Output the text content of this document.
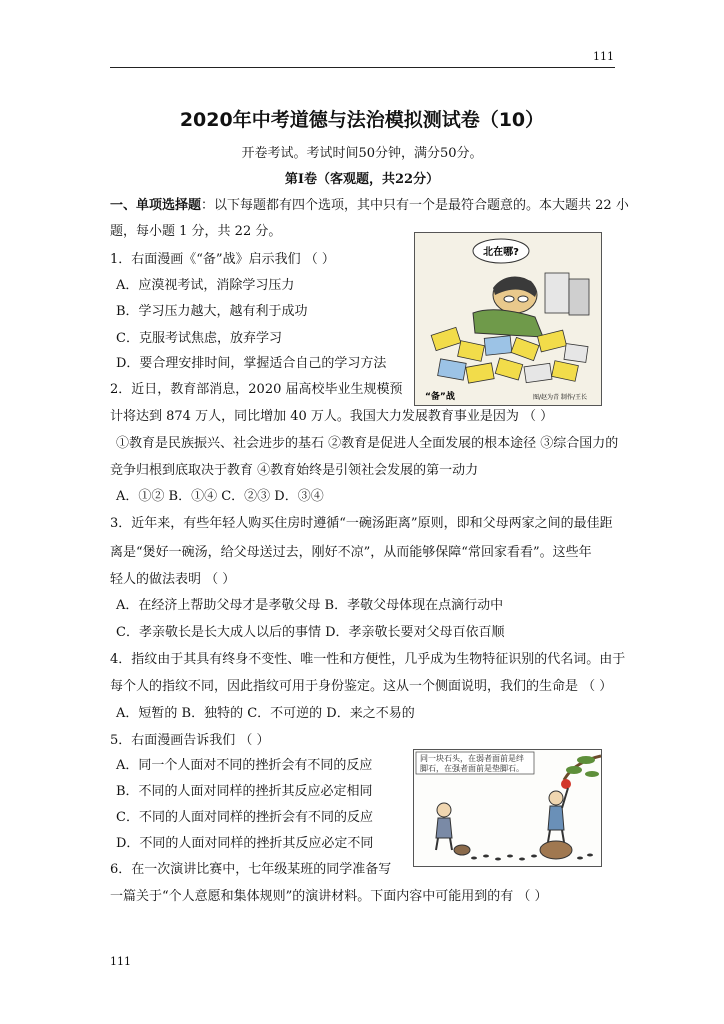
111
2020年中考道德与法治模拟测试卷（10）
开卷考试。考试时间50分钟，满分50分。
第Ⅰ卷（客观题，共22分）
一、单项选择题：以下每题都有四个选项，其中只有一个是最符合题意的。本大题共 22 小
题，每小题 1 分，共 22 分。
1．右面漫画《“备”战》启示我们 （ ）
A．应漠视考试，消除学习压力
B．学习压力越大，越有利于成功
C．克服考试焦虑，放弃学习
D．要合理安排时间，掌握适合自己的学习方法
北在哪?
“备”战	图/赵为青 制作/王长
2．近日，教育部消息，2020 届高校毕业生规模预
计将达到 874 万人，同比增加 40 万人。我国大力发展教育事业是因为 （ ）
①教育是民族振兴、社会进步的基石 ②教育是促进人全面发展的根本途径 ③综合国力的
竞争归根到底取决于教育 ④教育始终是引领社会发展的第一动力
A．①② B．①④ C．②③ D．③④
3．近年来，有些年轻人购买住房时遵循“一碗汤距离”原则，即和父母两家之间的最佳距
离是“煲好一碗汤，给父母送过去，刚好不凉”，从而能够保障“常回家看看”。这些年
轻人的做法表明 （ ）
A．在经济上帮助父母才是孝敬父母 B．孝敬父母体现在点滴行动中
C．孝亲敬长是长大成人以后的事情 D．孝亲敬长要对父母百依百顺
4．指纹由于其具有终身不变性、唯一性和方便性，几乎成为生物特征识别的代名词。由于
每个人的指纹不同，因此指纹可用于身份鉴定。这从一个侧面说明，我们的生命是 （ ）
A．短暂的 B．独特的 C．不可逆的 D．来之不易的
5．右面漫画告诉我们 （ ）
A．同一个人面对不同的挫折会有不同的反应
B．不同的人面对同样的挫折其反应必定相同
C．不同的人面对同样的挫折会有不同的反应
D．不同的人面对同样的挫折其反应必定不同
同一块石头，在弱者面前是绊
脚石，在强者面前是垫脚石。
6．在一次演讲比赛中，七年级某班的同学准备写
一篇关于“个人意愿和集体规则”的演讲材料。下面内容中可能用到的有 （ ）
111
